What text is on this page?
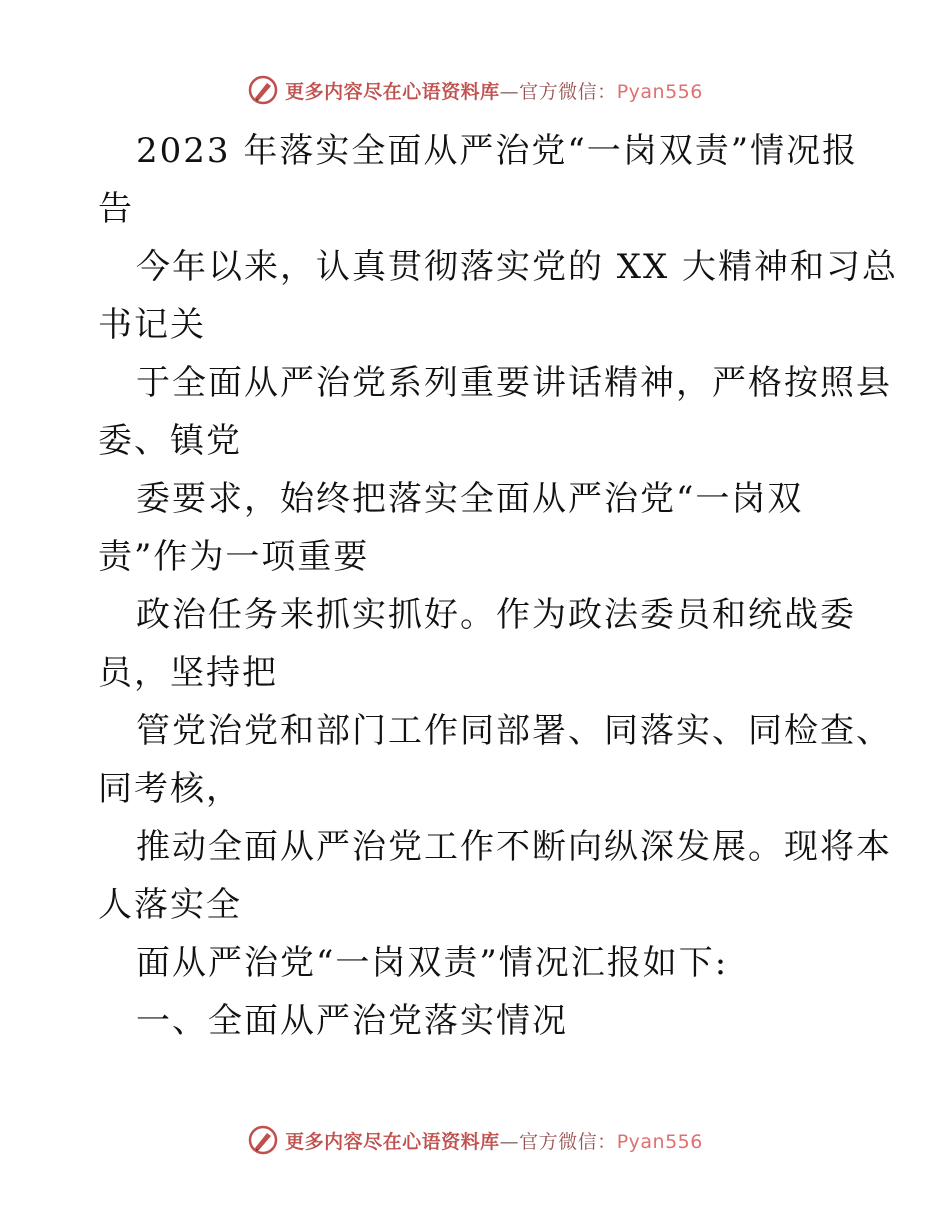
更多内容尽在心语资料库—官方微信：Pyan556
2023 年落实全面从严治党“一岗双责”情况报
告
今年以来，认真贯彻落实党的 XX 大精神和习总
书记关
于全面从严治党系列重要讲话精神，严格按照县
委、镇党
委要求，始终把落实全面从严治党“一岗双
责”作为一项重要
政治任务来抓实抓好。作为政法委员和统战委
员，坚持把
管党治党和部门工作同部署、同落实、同检查、
同考核，
推动全面从严治党工作不断向纵深发展。现将本
人落实全
面从严治党“一岗双责”情况汇报如下:
一、全面从严治党落实情况
更多内容尽在心语资料库—官方微信：Pyan556
